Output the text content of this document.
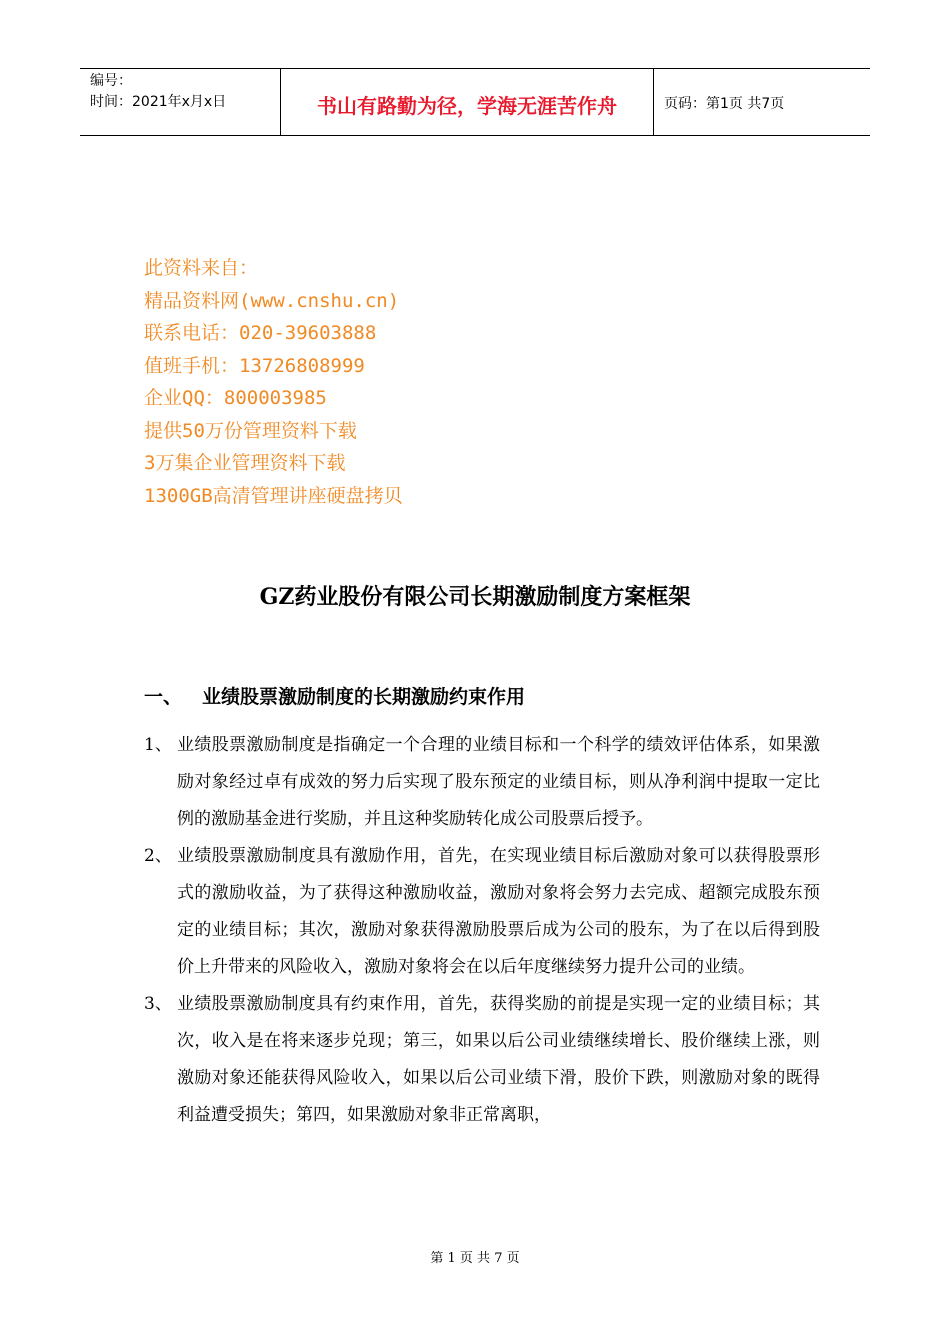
编号：
时间：2021年x月x日	书山有路勤为径，学海无涯苦作舟	页码：第1页 共7页
此资料来自：
精品资料网(www.cnshu.cn)
联系电话：020-39603888
值班手机：13726808999
企业QQ：800003985
提供50万份管理资料下载
3万集企业管理资料下载
1300GB高清管理讲座硬盘拷贝
GZ药业股份有限公司长期激励制度方案框架
一、 业绩股票激励制度的长期激励约束作用
1、 业绩股票激励制度是指确定一个合理的业绩目标和一个科学的绩效评估体系，如果激励对象经过卓有成效的努力后实现了股东预定的业绩目标，则从净利润中提取一定比例的激励基金进行奖励，并且这种奖励转化成公司股票后授予。
2、 业绩股票激励制度具有激励作用，首先，在实现业绩目标后激励对象可以获得股票形式的激励收益，为了获得这种激励收益，激励对象将会努力去完成、超额完成股东预定的业绩目标；其次，激励对象获得激励股票后成为公司的股东，为了在以后得到股价上升带来的风险收入，激励对象将会在以后年度继续努力提升公司的业绩。
3、 业绩股票激励制度具有约束作用，首先，获得奖励的前提是实现一定的业绩目标；其次，收入是在将来逐步兑现；第三，如果以后公司业绩继续增长、股价继续上涨，则激励对象还能获得风险收入，如果以后公司业绩下滑，股价下跌，则激励对象的既得利益遭受损失；第四，如果激励对象非正常离职，
第 1 页 共 7 页
